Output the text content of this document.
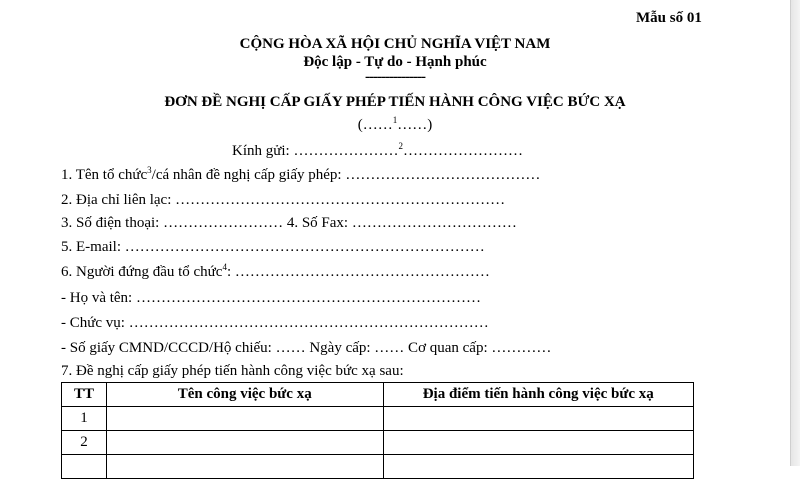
Mẫu số 01
CỘNG HÒA XÃ HỘI CHỦ NGHĨA VIỆT NAM
Độc lập - Tự do - Hạnh phúc
---------------
ĐƠN ĐỀ NGHỊ CẤP GIẤY PHÉP TIẾN HÀNH CÔNG VIỆC BỨC XẠ
(……$^1$……)
Kính gửi: …………………$^2$……………………
1. Tên tổ chức$^3$/cá nhân đề nghị cấp giấy phép: …………………………………
2. Địa chỉ liên lạc: …………………………………………………………
3. Số điện thoại: …………………… 4. Số Fax: ……………………………
5. E-mail: ………………………………………………………………
6. Người đứng đầu tổ chức$^4$: ……………………………………………
- Họ và tên: ……………………………………………………………
- Chức vụ: ………………………………………………………………
- Số giấy CMND/CCCD/Hộ chiếu: …… Ngày cấp: …… Cơ quan cấp: …………
7. Đề nghị cấp giấy phép tiến hành công việc bức xạ sau:
TT	Tên công việc bức xạ	Địa điểm tiến hành công việc bức xạ
1		
2		
